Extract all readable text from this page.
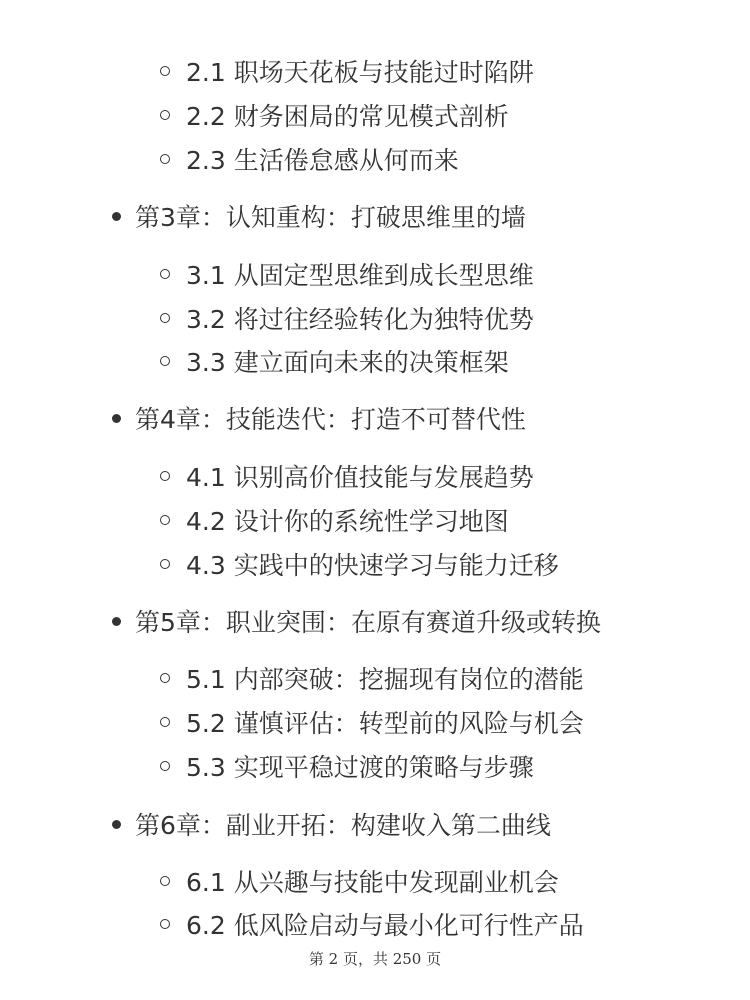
2.1 职场天花板与技能过时陷阱
2.2 财务困局的常见模式剖析
2.3 生活倦怠感从何而来
第3章：认知重构：打破思维里的墙
3.1 从固定型思维到成长型思维
3.2 将过往经验转化为独特优势
3.3 建立面向未来的决策框架
第4章：技能迭代：打造不可替代性
4.1 识别高价值技能与发展趋势
4.2 设计你的系统性学习地图
4.3 实践中的快速学习与能力迁移
第5章：职业突围：在原有赛道升级或转换
5.1 内部突破：挖掘现有岗位的潜能
5.2 谨慎评估：转型前的风险与机会
5.3 实现平稳过渡的策略与步骤
第6章：副业开拓：构建收入第二曲线
6.1 从兴趣与技能中发现副业机会
6.2 低风险启动与最小化可行性产品
第 2 页，共 250 页
